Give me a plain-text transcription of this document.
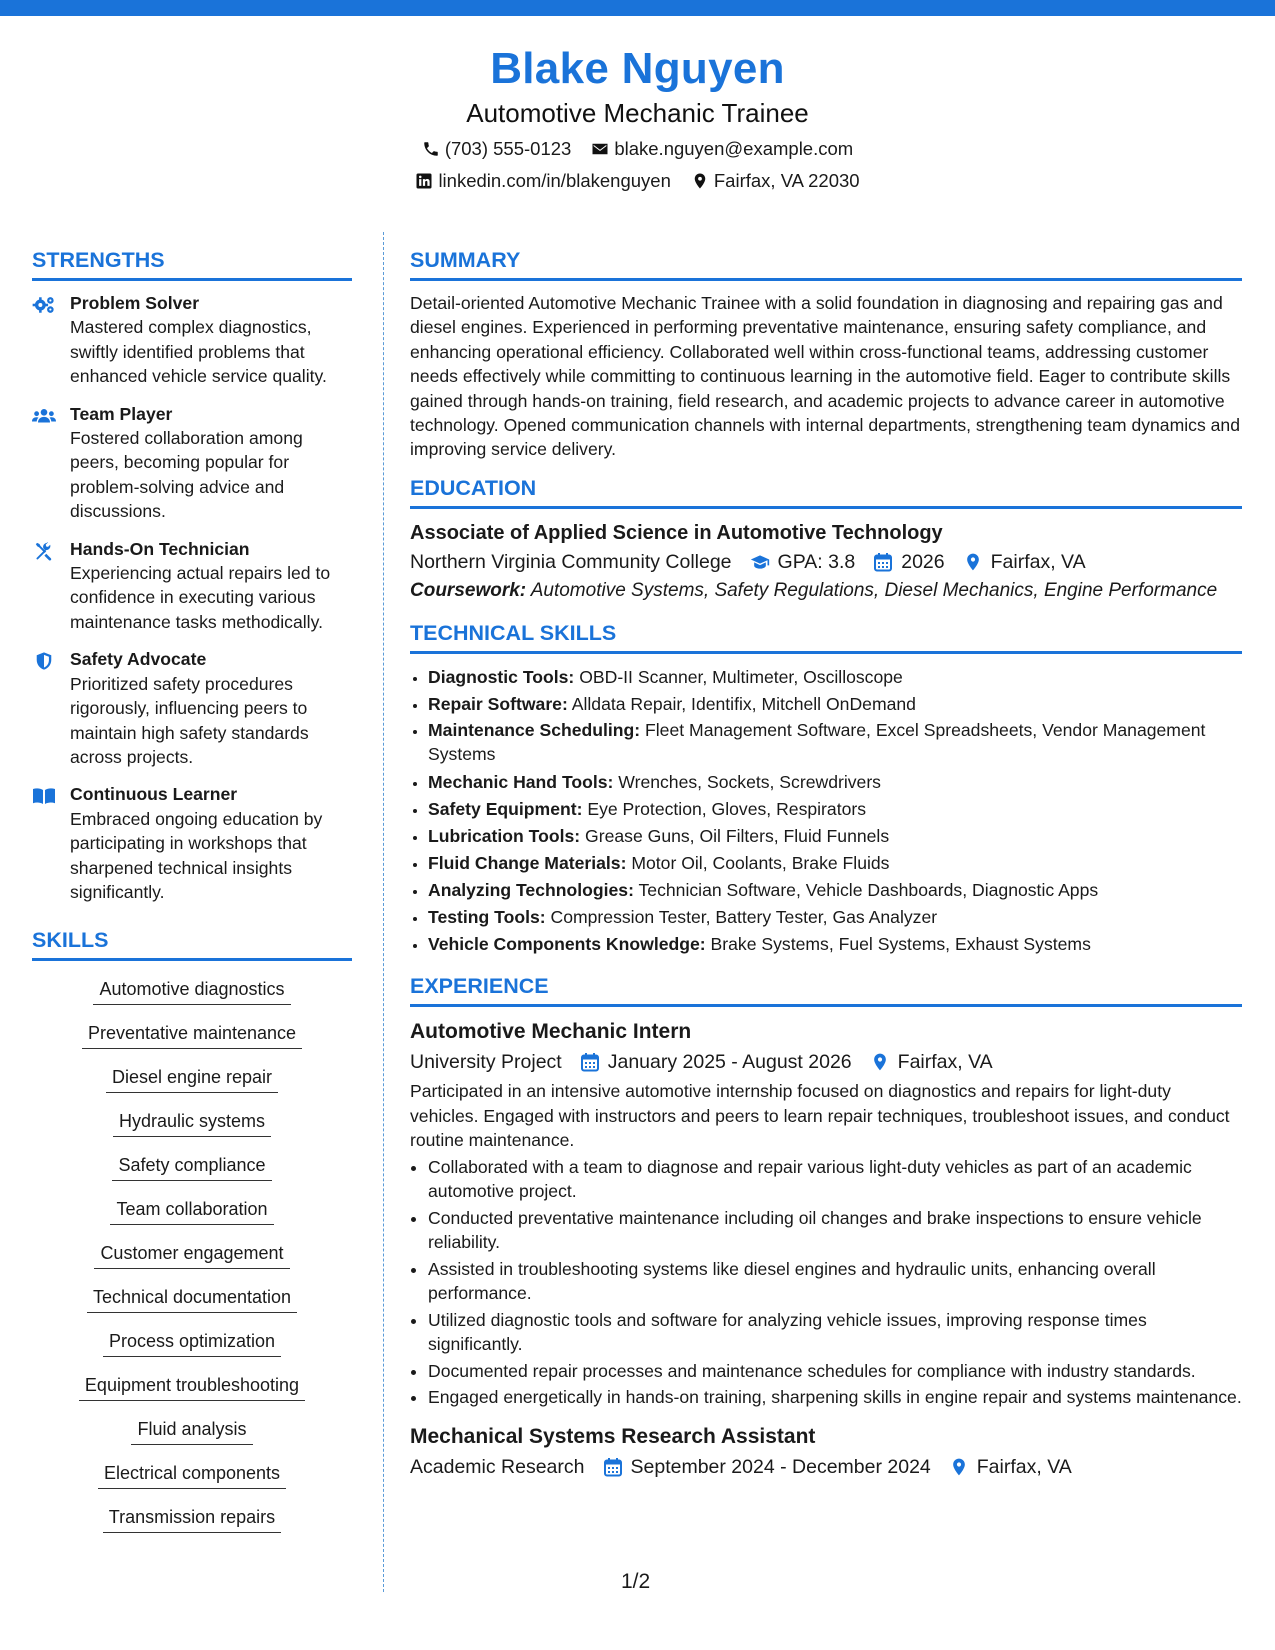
Blake Nguyen
Automotive Mechanic Trainee
(703) 555-0123 blake.nguyen@example.com
linkedin.com/in/blakenguyen Fairfax, VA 22030
STRENGTHS
Problem Solver
Mastered complex diagnostics, swiftly identified problems that enhanced vehicle service quality.
Team Player
Fostered collaboration among peers, becoming popular for problem-solving advice and discussions.
Hands-On Technician
Experiencing actual repairs led to confidence in executing various maintenance tasks methodically.
Safety Advocate
Prioritized safety procedures rigorously, influencing peers to maintain high safety standards across projects.
Continuous Learner
Embraced ongoing education by participating in workshops that sharpened technical insights significantly.
SKILLS
Automotive diagnostics
Preventative maintenance
Diesel engine repair
Hydraulic systems
Safety compliance
Team collaboration
Customer engagement
Technical documentation
Process optimization
Equipment troubleshooting
Fluid analysis
Electrical components
Transmission repairs
SUMMARY

Detail-oriented Automotive Mechanic Trainee with a solid foundation in diagnosing and repairing gas and diesel engines. Experienced in performing preventative maintenance, ensuring safety compliance, and enhancing operational efficiency. Collaborated well within cross-functional teams, addressing customer needs effectively while committing to continuous learning in the automotive field. Eager to contribute skills gained through hands-on training, field research, and academic projects to advance career in automotive technology. Opened communication channels with internal departments, strengthening team dynamics and improving service delivery.

EDUCATION
Associate of Applied Science in Automotive Technology
Northern Virginia Community College GPA: 3.8 2026 Fairfax, VA
Coursework: Automotive Systems, Safety Regulations, Diesel Mechanics, Engine Performance
TECHNICAL SKILLS
• Diagnostic Tools: OBD-II Scanner, Multimeter, Oscilloscope
• Repair Software: Alldata Repair, Identifix, Mitchell OnDemand
• Maintenance Scheduling: Fleet Management Software, Excel Spreadsheets, Vendor Management Systems
• Mechanic Hand Tools: Wrenches, Sockets, Screwdrivers
• Safety Equipment: Eye Protection, Gloves, Respirators
• Lubrication Tools: Grease Guns, Oil Filters, Fluid Funnels
• Fluid Change Materials: Motor Oil, Coolants, Brake Fluids
• Analyzing Technologies: Technician Software, Vehicle Dashboards, Diagnostic Apps
• Testing Tools: Compression Tester, Battery Tester, Gas Analyzer
• Vehicle Components Knowledge: Brake Systems, Fuel Systems, Exhaust Systems
EXPERIENCE
Automotive Mechanic Intern
University Project January 2025 - August 2026 Fairfax, VA

Participated in an intensive automotive internship focused on diagnostics and repairs for light-duty vehicles. Engaged with instructors and peers to learn repair techniques, troubleshoot issues, and conduct routine maintenance.

• Collaborated with a team to diagnose and repair various light-duty vehicles as part of an academic automotive project.
• Conducted preventative maintenance including oil changes and brake inspections to ensure vehicle reliability.
• Assisted in troubleshooting systems like diesel engines and hydraulic units, enhancing overall performance.
• Utilized diagnostic tools and software for analyzing vehicle issues, improving response times significantly.
• Documented repair processes and maintenance schedules for compliance with industry standards.
• Engaged energetically in hands-on training, sharpening skills in engine repair and systems maintenance.
Mechanical Systems Research Assistant
Academic Research September 2024 - December 2024 Fairfax, VA
1/2
